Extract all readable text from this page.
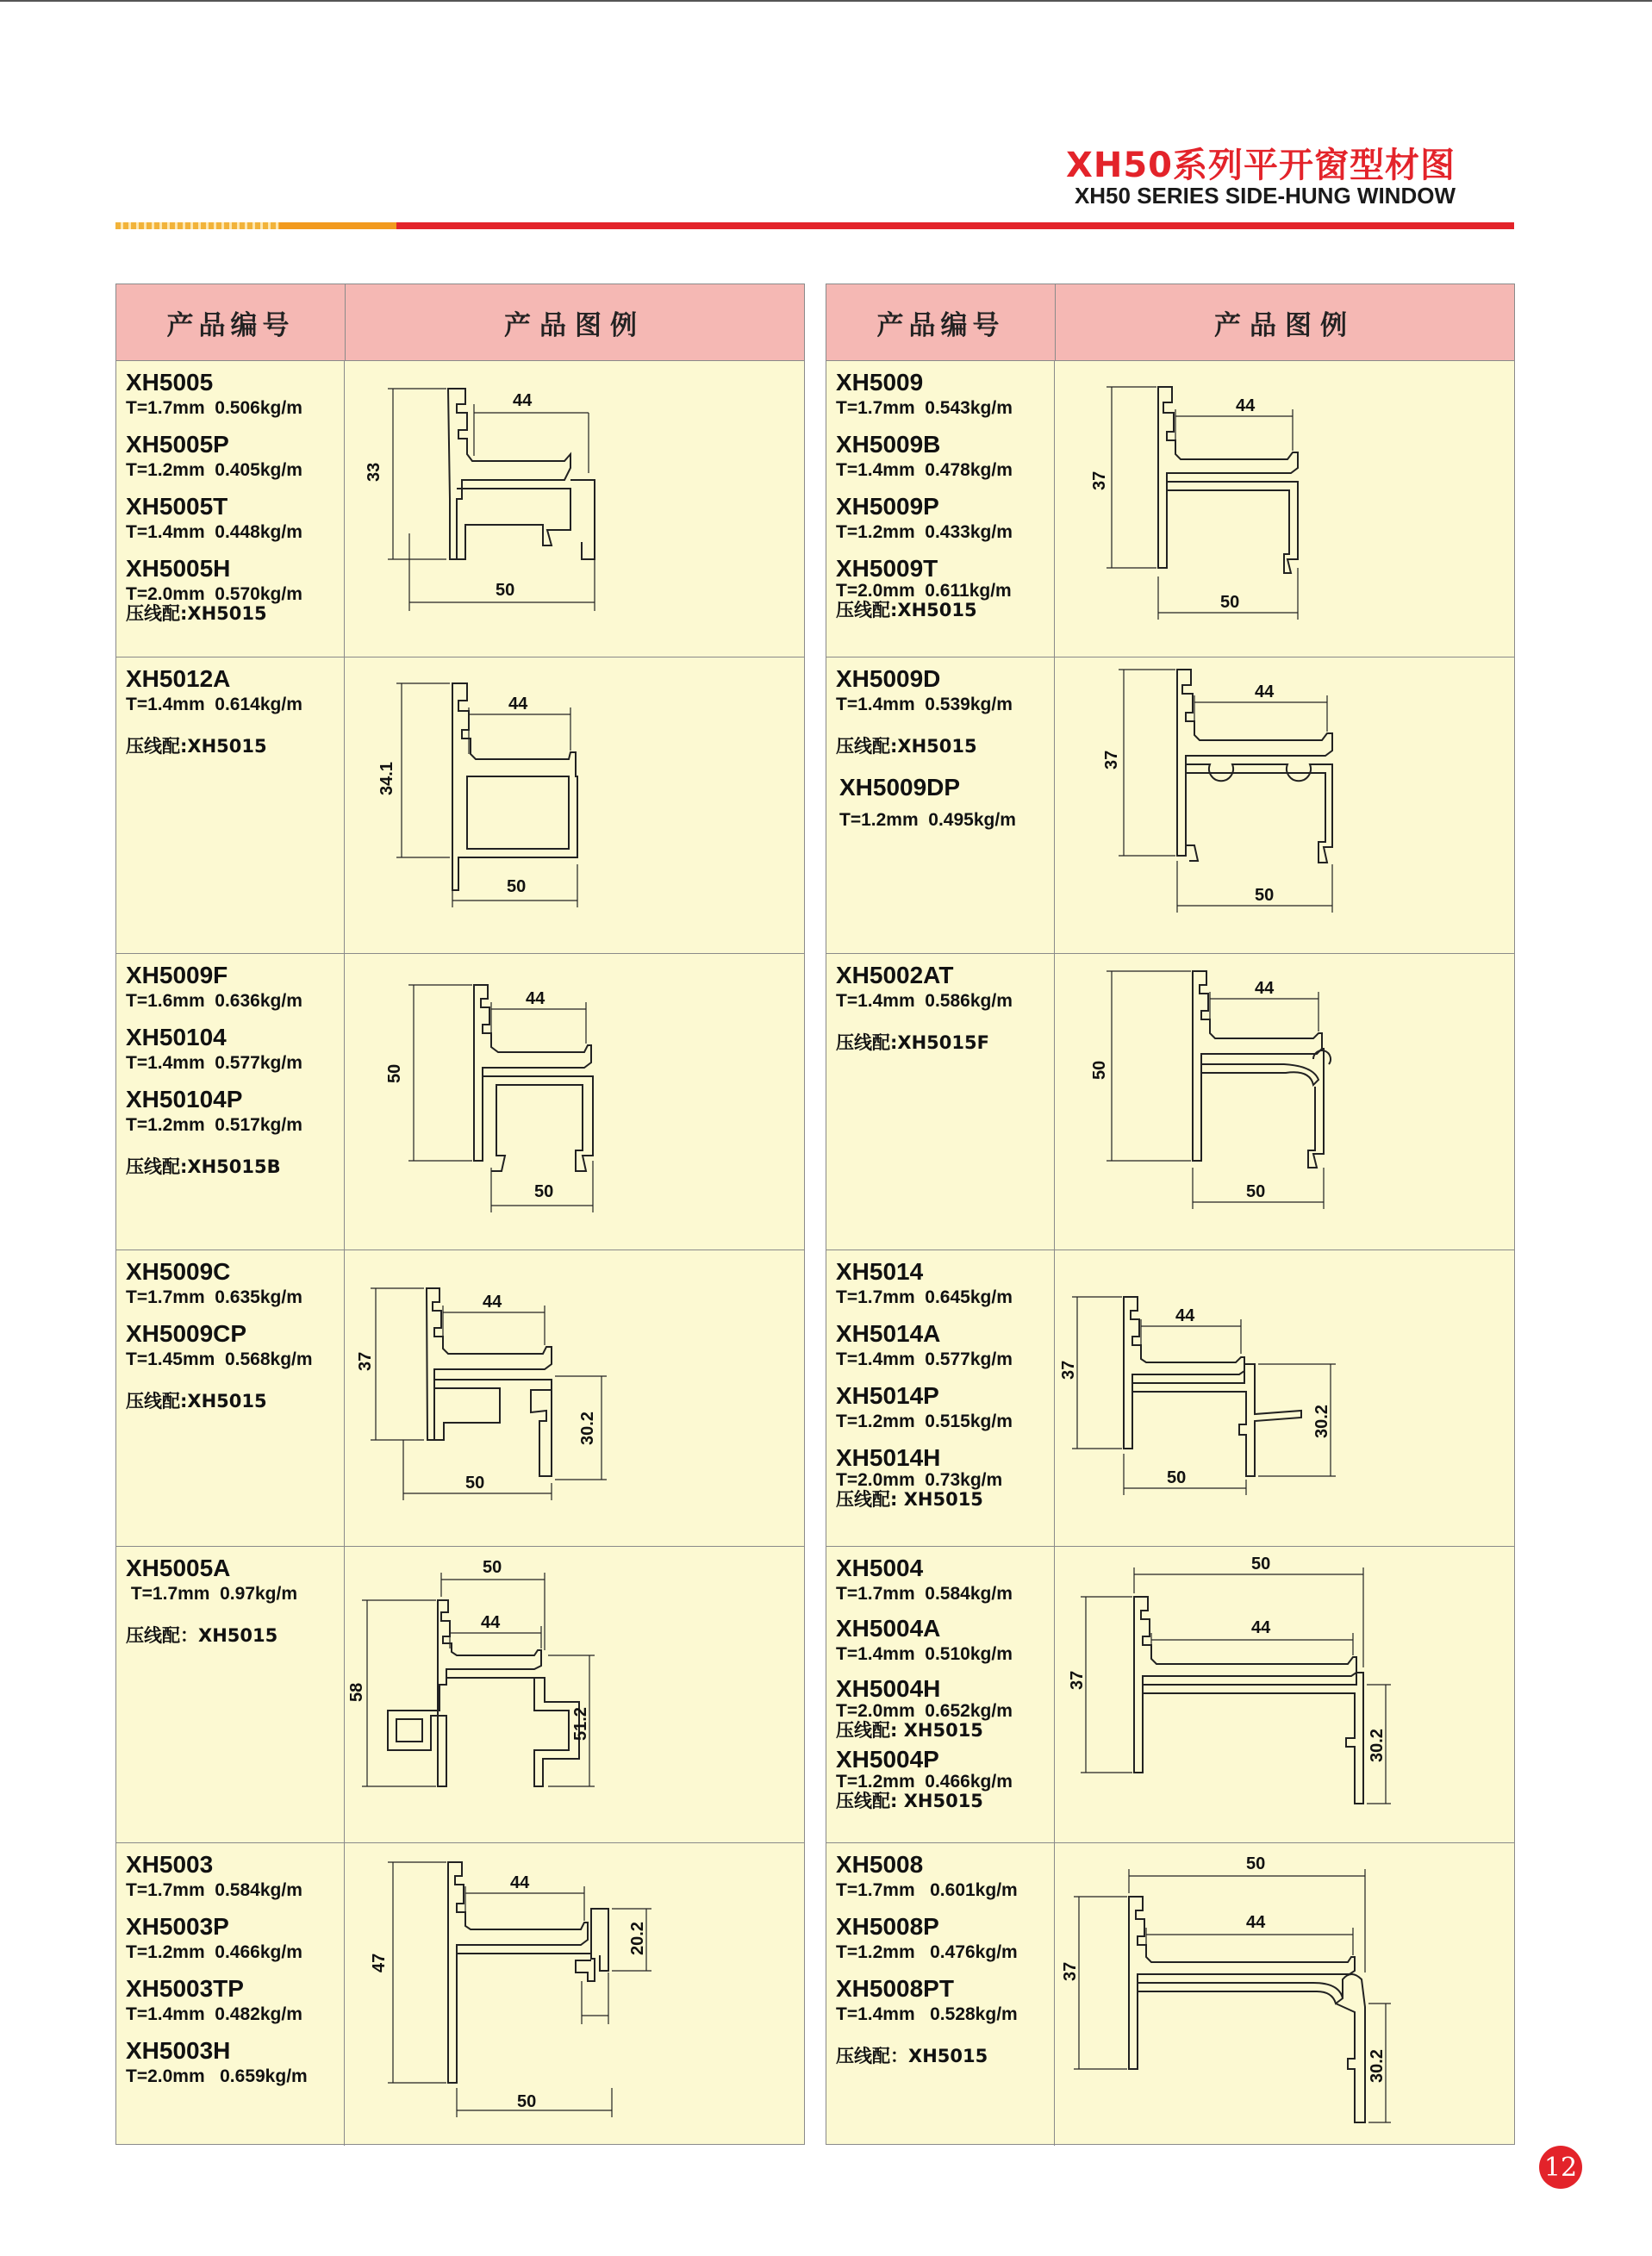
XH50系列平开窗型材图
XH50 SERIES SIDE-HUNG WINDOW
产品编号	产品图例
XH5005
T=1.7mm  0.506kg/m
XH5005P
T=1.2mm  0.405kg/m
XH5005T
T=1.4mm  0.448kg/m
XH5005H
T=2.0mm  0.570kg/m
压线配:XH5015
33
44
50
XH5012A
T=1.4mm  0.614kg/m
压线配:XH5015
34.1
44
50
XH5009F
T=1.6mm  0.636kg/m
XH50104
T=1.4mm  0.577kg/m
XH50104P
T=1.2mm  0.517kg/m
压线配:XH5015B
50
44
50
XH5009C
T=1.7mm  0.635kg/m
XH5009CP
T=1.45mm  0.568kg/m
压线配:XH5015
37
44
50
30.2
XH5005A
T=1.7mm  0.97kg/m
压线配：XH5015
58
44
50
51.2
XH5003
T=1.7mm  0.584kg/m
XH5003P
T=1.2mm  0.466kg/m
XH5003TP
T=1.4mm  0.482kg/m
XH5003H
T=2.0mm   0.659kg/m
47
44
50
20.2
产品编号	产品图例
XH5009
T=1.7mm  0.543kg/m
XH5009B
T=1.4mm  0.478kg/m
XH5009P
T=1.2mm  0.433kg/m
XH5009T
T=2.0mm  0.611kg/m
压线配:XH5015
37
44
50
XH5009D
T=1.4mm  0.539kg/m
压线配:XH5015
XH5009DP
T=1.2mm  0.495kg/m
37
44
50
XH5002AT
T=1.4mm  0.586kg/m
压线配:XH5015F
50
44
50
XH5014
T=1.7mm  0.645kg/m
XH5014A
T=1.4mm  0.577kg/m
XH5014P
T=1.2mm  0.515kg/m
XH5014H
T=2.0mm  0.73kg/m
压线配: XH5015
37
44
50
30.2
XH5004
T=1.7mm  0.584kg/m
XH5004A
T=1.4mm  0.510kg/m
XH5004H
T=2.0mm  0.652kg/m
压线配: XH5015
XH5004P
T=1.2mm  0.466kg/m
压线配: XH5015
37
44
50
30.2
XH5008
T=1.7mm   0.601kg/m
XH5008P
T=1.2mm   0.476kg/m
XH5008PT
T=1.4mm   0.528kg/m
压线配：XH5015
37
44
50
30.2
12
